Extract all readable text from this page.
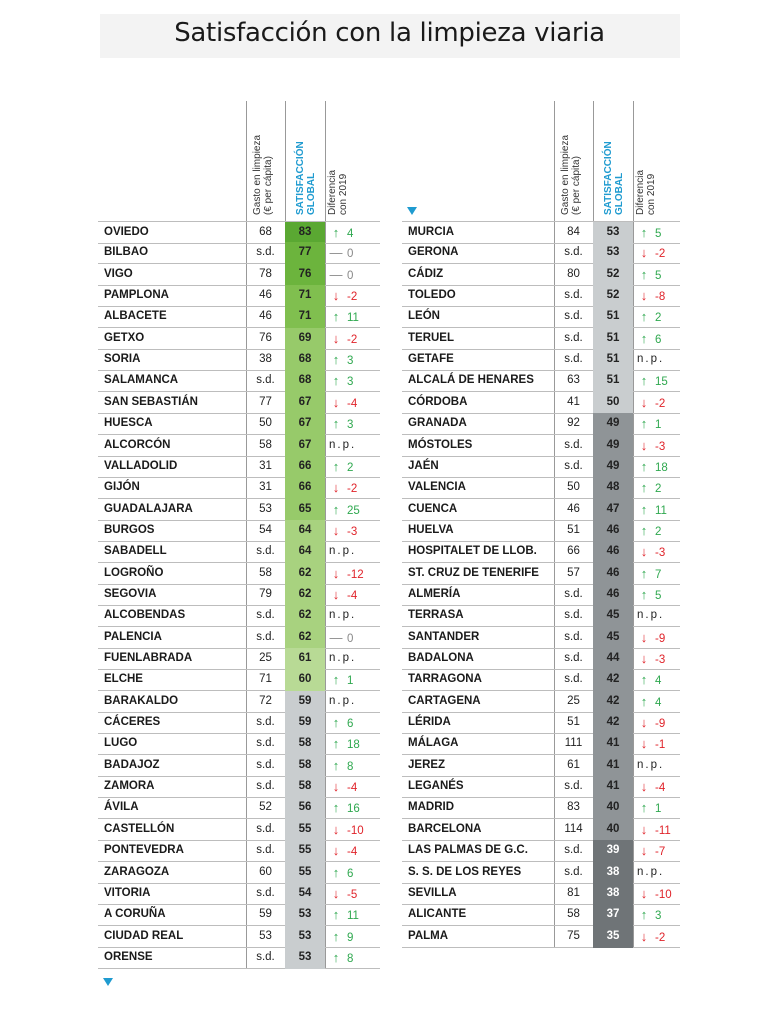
Satisfacción con la limpieza viaria
Gasto en limpieza (€ per cápita) SATISFACCIÓN GLOBAL Diferencia con 2019
OVIEDO	68	83	↑ 4
BILBAO	s.d.	77	— 0
VIGO	78	76	— 0
PAMPLONA	46	71	↓ -2
ALBACETE	46	71	↑ 11
GETXO	76	69	↓ -2
SORIA	38	68	↑ 3
SALAMANCA	s.d.	68	↑ 3
SAN SEBASTIÁN	77	67	↓ -4
HUESCA	50	67	↑ 3
ALCORCÓN	58	67	n.p.
VALLADOLID	31	66	↑ 2
GIJÓN	31	66	↓ -2
GUADALAJARA	53	65	↑ 25
BURGOS	54	64	↓ -3
SABADELL	s.d.	64	n.p.
LOGROÑO	58	62	↓ -12
SEGOVIA	79	62	↓ -4
ALCOBENDAS	s.d.	62	n.p.
PALENCIA	s.d.	62	— 0
FUENLABRADA	25	61	n.p.
ELCHE	71	60	↑ 1
BARAKALDO	72	59	n.p.
CÁCERES	s.d.	59	↑ 6
LUGO	s.d.	58	↑ 18
BADAJOZ	s.d.	58	↑ 8
ZAMORA	s.d.	58	↓ -4
ÁVILA	52	56	↑ 16
CASTELLÓN	s.d.	55	↓ -10
PONTEVEDRA	s.d.	55	↓ -4
ZARAGOZA	60	55	↑ 6
VITORIA	s.d.	54	↓ -5
A CORUÑA	59	53	↑ 11
CIUDAD REAL	53	53	↑ 9
ORENSE	s.d.	53	↑ 8
Gasto en limpieza (€ per cápita) SATISFACCIÓN GLOBAL Diferencia con 2019
MURCIA	84	53	↑ 5
GERONA	s.d.	53	↓ -2
CÁDIZ	80	52	↑ 5
TOLEDO	s.d.	52	↓ -8
LEÓN	s.d.	51	↑ 2
TERUEL	s.d.	51	↑ 6
GETAFE	s.d.	51	n.p.
ALCALÁ DE HENARES	63	51	↑ 15
CÓRDOBA	41	50	↓ -2
GRANADA	92	49	↑ 1
MÓSTOLES	s.d.	49	↓ -3
JAÉN	s.d.	49	↑ 18
VALENCIA	50	48	↑ 2
CUENCA	46	47	↑ 11
HUELVA	51	46	↑ 2
HOSPITALET DE LLOB.	66	46	↓ -3
ST. CRUZ DE TENERIFE	57	46	↑ 7
ALMERÍA	s.d.	46	↑ 5
TERRASA	s.d.	45	n.p.
SANTANDER	s.d.	45	↓ -9
BADALONA	s.d.	44	↓ -3
TARRAGONA	s.d.	42	↑ 4
CARTAGENA	25	42	↑ 4
LÉRIDA	51	42	↓ -9
MÁLAGA	111	41	↓ -1
JEREZ	61	41	n.p.
LEGANÉS	s.d.	41	↓ -4
MADRID	83	40	↑ 1
BARCELONA	114	40	↓ -11
LAS PALMAS DE G.C.	s.d.	39	↓ -7
S. S. DE LOS REYES	s.d.	38	n.p.
SEVILLA	81	38	↓ -10
ALICANTE	58	37	↑ 3
PALMA	75	35	↓ -2
